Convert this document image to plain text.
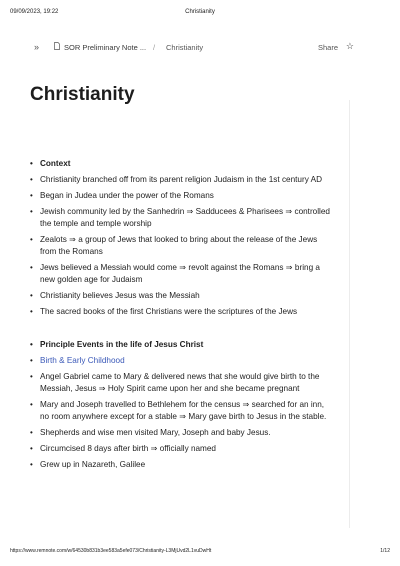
09/09/2023, 19:22	Christianity
»	SOR Preliminary Note ... / Christianity	Share ☆
Christianity
• Context
• Christianity branched off from its parent religion Judaism in the 1st century AD
• Began in Judea under the power of the Romans
• Jewish community led by the Sanhedrin ⇒ Sadducees & Pharisees ⇒ controlled the temple and temple worship
• Zealots ⇒ a group of Jews that looked to bring about the release of the Jews from the Romans
• Jews believed a Messiah would come ⇒ revolt against the Romans ⇒ bring a new golden age for Judaism
• Christianity believes Jesus was the Messiah
• The sacred books of the first Christians were the scriptures of the Jews
• Principle Events in the life of Jesus Christ
• Birth & Early Childhood
• Angel Gabriel came to Mary & delivered news that she would give birth to the Messiah, Jesus ⇒ Holy Spirit came upon her and she became pregnant
• Mary and Joseph travelled to Bethlehem for the census ⇒ searched for an inn, no room anywhere except for a stable ⇒ Mary gave birth to Jesus in the stable.
• Shepherds and wise men visited Mary, Joseph and baby Jesus.
• Circumcised 8 days after birth ⇒ officially named
• Grew up in Nazareth, Galilee
https://www.remnote.com/w/64530b831b3ee583a5efe073/Christianity-L3MjUvd2L1vuDwHt	1/12
